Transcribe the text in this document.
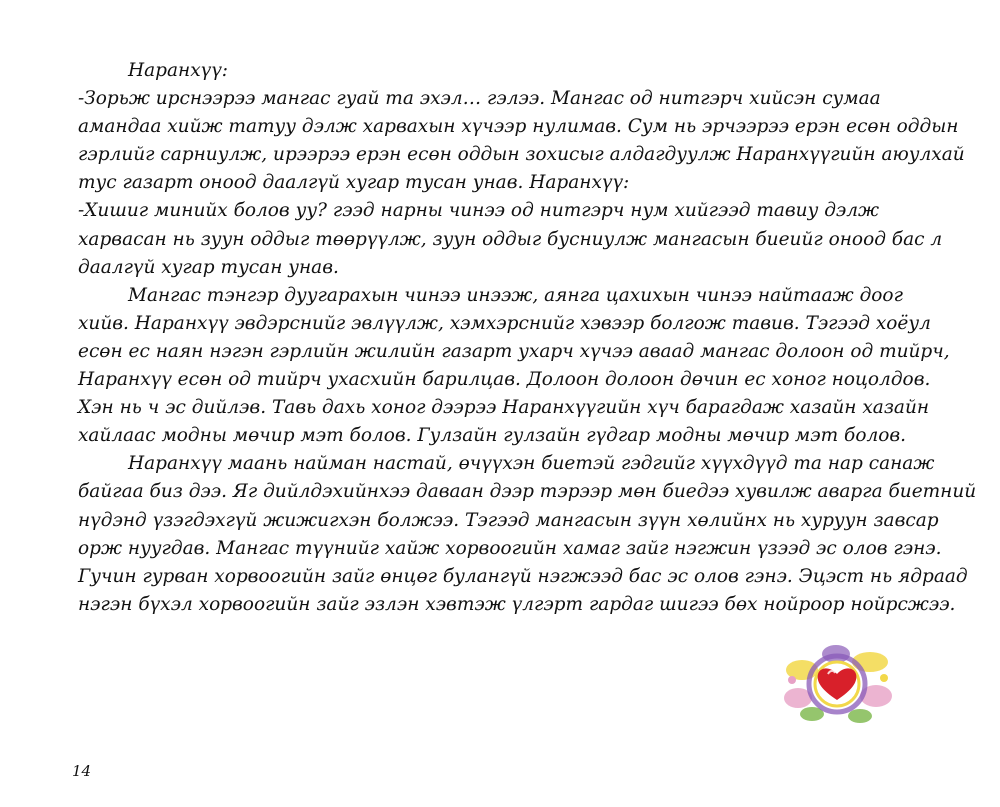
Наранхүү:
-Зорьж ирснээрээ мангас гуай та эхэл… гэлээ. Мангас од нитгэрч хийсэн сумаа
амандаа хийж татуу дэлж харвахын хүчээр нулимав. Сум нь эрчээрээ ерэн есөн оддын
гэрлийг сарниулж, ирээрээ ерэн есөн оддын зохисыг алдагдуулж Наранхүүгийн аюулхай
тус газарт оноод даалгүй хугар тусан унав. Наранхүү:
-Хишиг минийх болов уу? гээд нарны чинээ од нитгэрч нум хийгээд тавиу дэлж
харвасан нь зуун оддыг төөрүүлж, зуун оддыг бусниулж мангасын биеийг оноод бас л
даалгүй хугар тусан унав.
Мангас тэнгэр дуугарахын чинээ инээж, аянга цахихын чинээ найтааж доог
хийв. Наранхүү эвдэрснийг эвлүүлж, хэмхэрснийг хэвээр болгож тавив. Тэгээд хоёул
есөн ес наян нэгэн гэрлийн жилийн газарт ухарч хүчээ аваад мангас долоон од тийрч,
Наранхүү есөн од тийрч ухасхийн барилцав. Долоон долоон дөчин ес хоног ноцолдов.
Хэн нь ч эс дийлэв. Тавь дахь хоног дээрээ Наранхүүгийн хүч барагдаж хазайн хазайн
хайлаас модны мөчир мэт болов. Гулзайн гулзайн гүдгар модны мөчир мэт болов.
Наранхүү маань найман настай, өчүүхэн биетэй гэдгийг хүүхдүүд та нар санаж
байгаа биз дээ. Яг дийлдэхийнхээ даваан дээр тэрээр мөн биедээ хувилж аварга биетний
нүдэнд үзэгдэхгүй жижигхэн болжээ. Тэгээд мангасын зүүн хөлийнх нь хуруун завсар
орж нуугдав. Мангас түүнийг хайж хорвоогийн хамаг зайг нэгжин үзээд эс олов гэнэ.
Гучин гурван хорвоогийн зайг өнцөг булангүй нэгжээд бас эс олов гэнэ. Эцэст нь ядраад
нэгэн бүхэл хорвоогийн зайг эзлэн хэвтэж үлгэрт гардаг шигээ бөх нойроор нойрсжээ.
14
